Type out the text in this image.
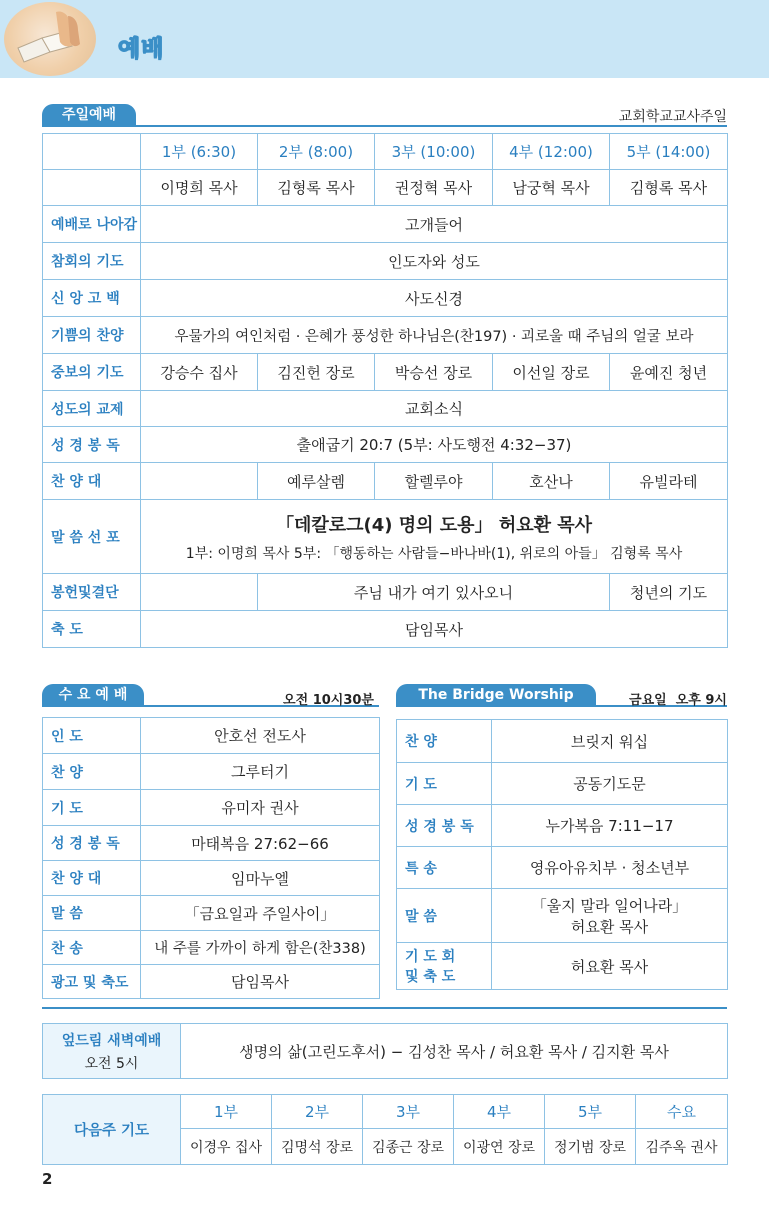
예배
주일예배	교회학교교사주일
	1부 (6:30)	2부 (8:00)	3부 (10:00)	4부 (12:00)	5부 (14:00)
	이명희 목사	김형록 목사	권정혁 목사	남궁혁 목사	김형록 목사
예배로 나아감	고개들어				
참회의 기도	인도자와 성도				
신 앙 고 백	사도신경				
기쁨의 찬양	우물가의 여인처럼 · 은혜가 풍성한 하나님은(찬197) · 괴로울 때 주님의 얼굴 보라				
중보의 기도	강승수 집사	김진헌 장로	박승선 장로	이선일 장로	윤예진 청년
성도의 교제	교회소식				
성 경 봉 독	출애굽기 20:7 (5부: 사도행전 4:32−37)				
찬 양 대		예루살렘	할렐루야	호산나	유빌라테
말 씀 선 포	「데칼로그(4) 명의 도용」 허요환 목사
1부: 이명희 목사 5부: 「행동하는 사람들−바나바(1), 위로의 아들」 김형록 목사				

봉헌및결단		주님 내가 여기 있사오니			청년의 기도
축 도	담임목사				
수 요 예 배	오전 10시30분
인 도	안호선 전도사
찬 양	그루터기
기 도	유미자 권사
성 경 봉 독	마태복음 27:62−66
찬 양 대	임마누엘
말 씀	「금요일과 주일사이」
찬 송	내 주를 가까이 하게 함은(찬338)
광고 및 축도	담임목사
The Bridge Worship	금요일  오후 9시
찬 양	브릿지 워십
기 도	공동기도문
성 경 봉 독	누가복음 7:11−17
특 송	영유아유치부 · 청소년부
말 씀	「울지 말라 일어나라」
허요환 목사

기 도 회
및 축 도	허요환 목사
엎드림 새벽예배
오전 5시
	생명의 삶(고린도후서) − 김성찬 목사 / 허요환 목사 / 김지환 목사
다음주 기도	1부	2부	3부	4부	5부	수요
	이경우 집사	김명석 장로	김종근 장로	이광연 장로	정기범 장로	김주옥 권사
2
